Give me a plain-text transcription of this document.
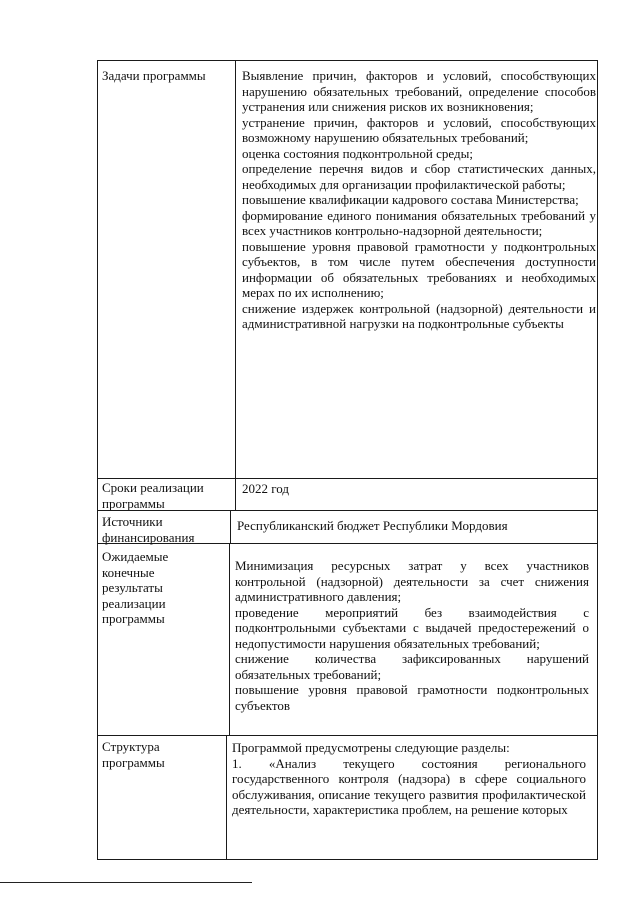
Задачи программы	Выявление причин, факторов и условий, способствующих нарушению обязательных требований, определение способов устранения или снижения рисков их возникновения;

устранение причин, факторов и условий, способствующих возможному нарушению обязательных требований;

оценка состояния подконтрольной среды;

определение перечня видов и сбор статистических данных, необходимых для организации профилактической работы;

повышение квалификации кадрового состава Министерства;

формирование единого понимания обязательных требований у всех участников контрольно-надзорной деятельности;

повышение уровня правовой грамотности у подконтрольных субъектов, в том числе путем обеспечения доступности информации об обязательных требованиях и необходимых мерах по их исполнению;

снижение издержек контрольной (надзорной) деятельности и административной нагрузки на подконтрольные субъекты

Сроки реализации программы

2022 год

Источники финансирования

Республиканский бюджет Республики Мордовия

Ожидаемые конечные результаты реализации программы

Минимизация ресурсных затрат у всех участников контрольной (надзорной) деятельности за счет снижения административного давления;

проведение мероприятий без взаимодействия с подконтрольными субъектами с выдачей предостережений о недопустимости нарушения обязательных требований;

снижение количества зафиксированных нарушений обязательных требований;

повышение уровня правовой грамотности подконтрольных субъектов

Структура программы

Программой предусмотрены следующие разделы:

1. «Анализ текущего состояния регионального государственного контроля (надзора) в сфере социального обслуживания, описание текущего развития профилактической деятельности, характеристика проблем, на решение которых
